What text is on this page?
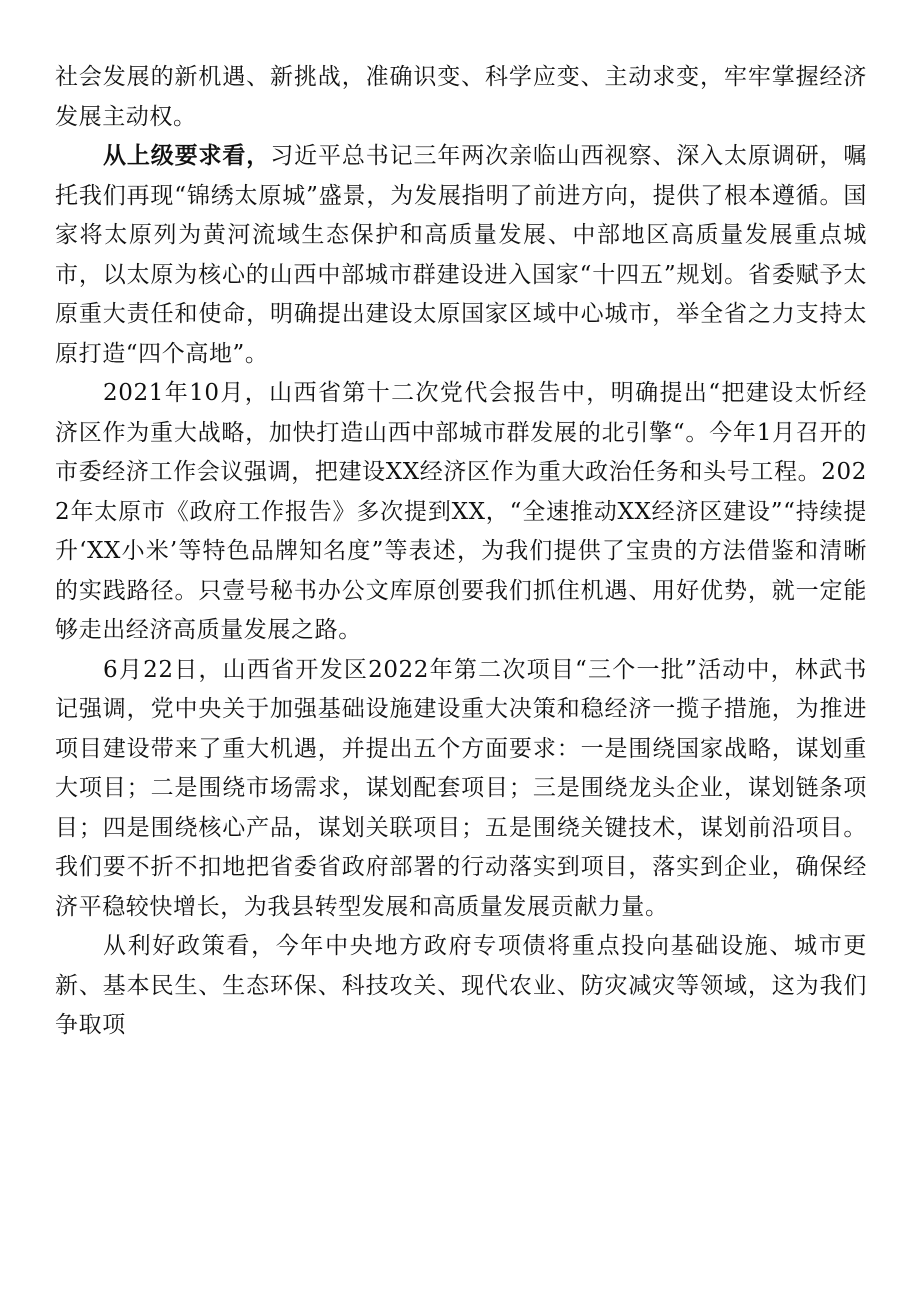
社会发展的新机遇、新挑战，准确识变、科学应变、主动求变，牢牢掌握经济发展主动权。

从上级要求看，习近平总书记三年两次亲临山西视察、深入太原调研，嘱托我们再现“锦绣太原城”盛景，为发展指明了前进方向，提供了根本遵循。国家将太原列为黄河流域生态保护和高质量发展、中部地区高质量发展重点城市，以太原为核心的山西中部城市群建设进入国家“十四五”规划。省委赋予太原重大责任和使命，明确提出建设太原国家区域中心城市，举全省之力支持太原打造“四个高地”。

2021年10月，山西省第十二次党代会报告中，明确提出“把建设太忻经济区作为重大战略，加快打造山西中部城市群发展的北引擎“。今年1月召开的市委经济工作会议强调，把建设XX经济区作为重大政治任务和头号工程。2022年太原市《政府工作报告》多次提到XX，“全速推动XX经济区建设”“持续提升‘XX小米’等特色品牌知名度”等表述，为我们提供了宝贵的方法借鉴和清晰的实践路径。只壹号秘书办公文库原创要我们抓住机遇、用好优势，就一定能够走出经济高质量发展之路。

6月22日，山西省开发区2022年第二次项目“三个一批”活动中，林武书记强调，党中央关于加强基础设施建设重大决策和稳经济一揽子措施，为推进项目建设带来了重大机遇，并提出五个方面要求：一是围绕国家战略，谋划重大项目；二是围绕市场需求，谋划配套项目；三是围绕龙头企业，谋划链条项目；四是围绕核心产品，谋划关联项目；五是围绕关键技术，谋划前沿项目。我们要不折不扣地把省委省政府部署的行动落实到项目，落实到企业，确保经济平稳较快增长，为我县转型发展和高质量发展贡献力量。

从利好政策看，今年中央地方政府专项债将重点投向基础设施、城市更新、基本民生、生态环保、科技攻关、现代农业、防灾减灾等领域，这为我们争取项
